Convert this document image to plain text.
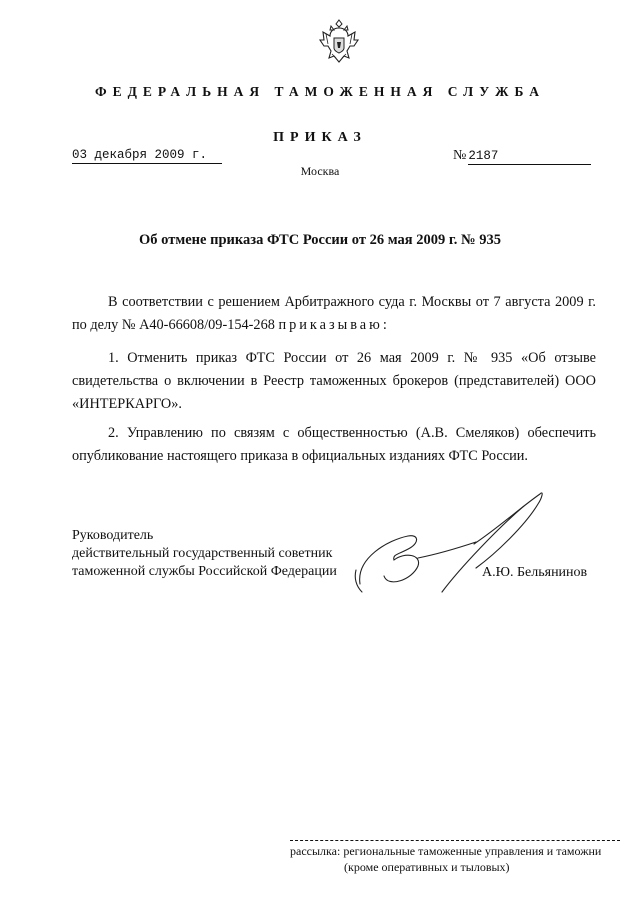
ФЕДЕРАЛЬНАЯ ТАМОЖЕННАЯ СЛУЖБА
ПРИКАЗ
03 декабря 2009 г.	№ 2187
Москва
Об отмене приказа ФТС России от 26 мая 2009 г. № 935
В соответствии с решением Арбитражного суда г. Москвы от 7 августа 2009 г. по делу № А40-66608/09-154-268 приказываю:
1. Отменить приказ ФТС России от 26 мая 2009 г. № 935 «Об отзыве свидетельства о включении в Реестр таможенных брокеров (представителей) ООО «ИНТЕРКАРГО».
2. Управлению по связям с общественностью (А.В. Смеляков) обеспечить опубликование настоящего приказа в официальных изданиях ФТС России.
Руководитель
действительный государственный советник
таможенной службы Российской Федерации	А.Ю. Бельянинов
рассылка: региональные таможенные управления и таможни
(кроме оперативных и тыловых)
